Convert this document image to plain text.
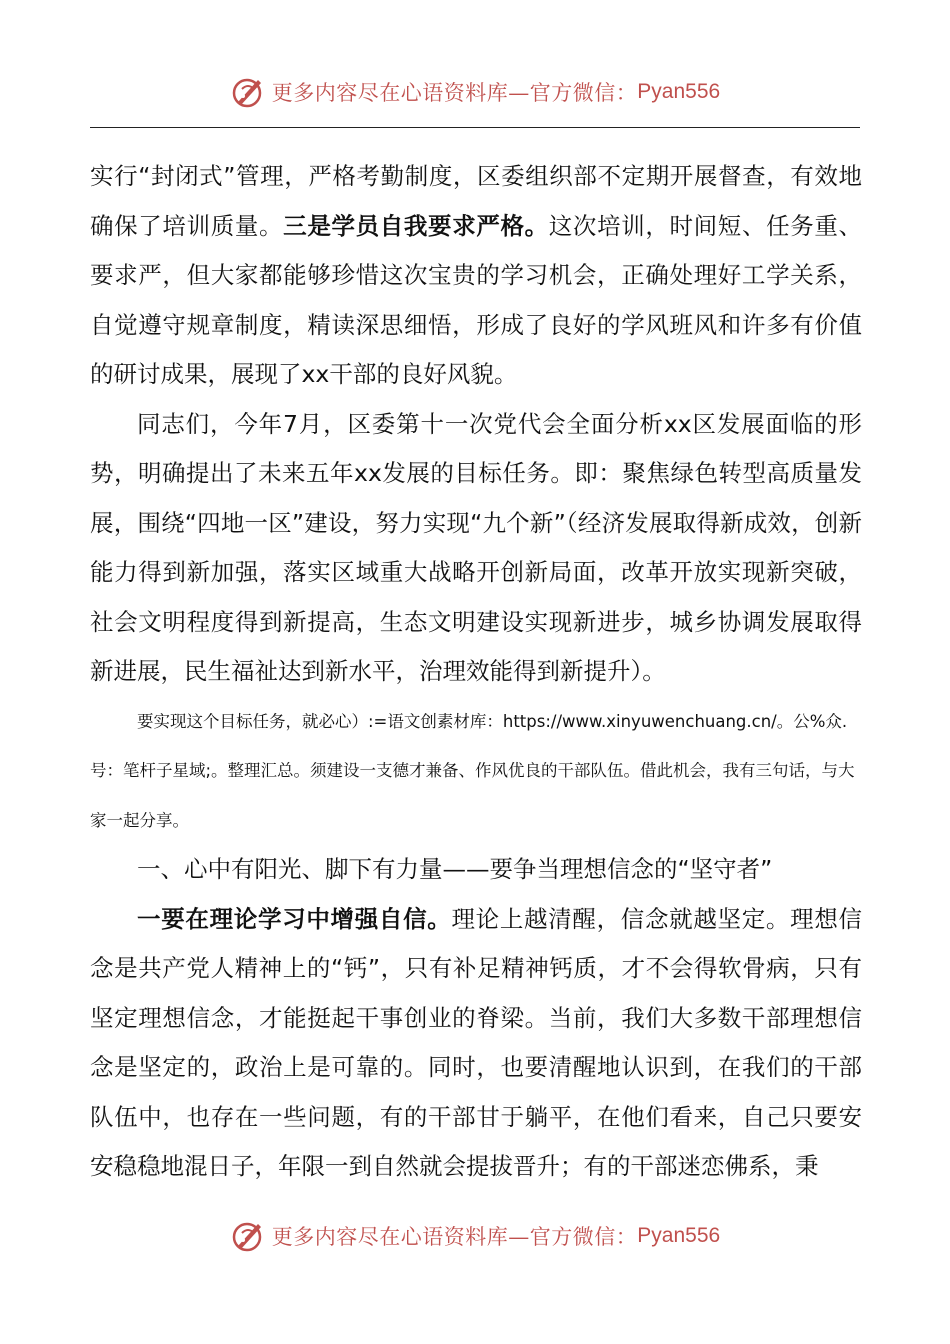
更多内容尽在心语资料库—官方微信： Pyan556

实行“封闭式”管理，严格考勤制度，区委组织部不定期开展督查，有效地确保了培训质量。三是学员自我要求严格。这次培训，时间短、任务重、要求严，但大家都能够珍惜这次宝贵的学习机会，正确处理好工学关系，自觉遵守规章制度，精读深思细悟，形成了良好的学风班风和许多有价值的研讨成果，展现了xx干部的良好风貌。

同志们，今年7月，区委第十一次党代会全面分析xx区发展面临的形势，明确提出了未来五年xx发展的目标任务。即：聚焦绿色转型高质量发展，围绕“四地一区”建设，努力实现“九个新”（经济发展取得新成效，创新能力得到新加强，落实区域重大战略开创新局面，改革开放实现新突破，社会文明程度得到新提高，生态文明建设实现新进步，城乡协调发展取得新进展，民生福祉达到新水平，治理效能得到新提升）。

要实现这个目标任务，就必心）:=语文创素材库：https://www.xinyuwenchuang.cn/。公%众.号：笔杆子星域;。整理汇总。须建设一支德才兼备、作风优良的干部队伍。借此机会，我有三句话，与大家一起分享。

一、心中有阳光、脚下有力量——要争当理想信念的“坚守者”

一要在理论学习中增强自信。理论上越清醒，信念就越坚定。理想信念是共产党人精神上的“钙”，只有补足精神钙质，才不会得软骨病，只有坚定理想信念，才能挺起干事创业的脊梁。当前，我们大多数干部理想信念是坚定的，政治上是可靠的。同时，也要清醒地认识到，在我们的干部队伍中，也存在一些问题，有的干部甘于躺平，在他们看来，自己只要安安稳稳地混日子，年限一到自然就会提拔晋升；有的干部迷恋佛系，秉

更多内容尽在心语资料库—官方微信： Pyan556
